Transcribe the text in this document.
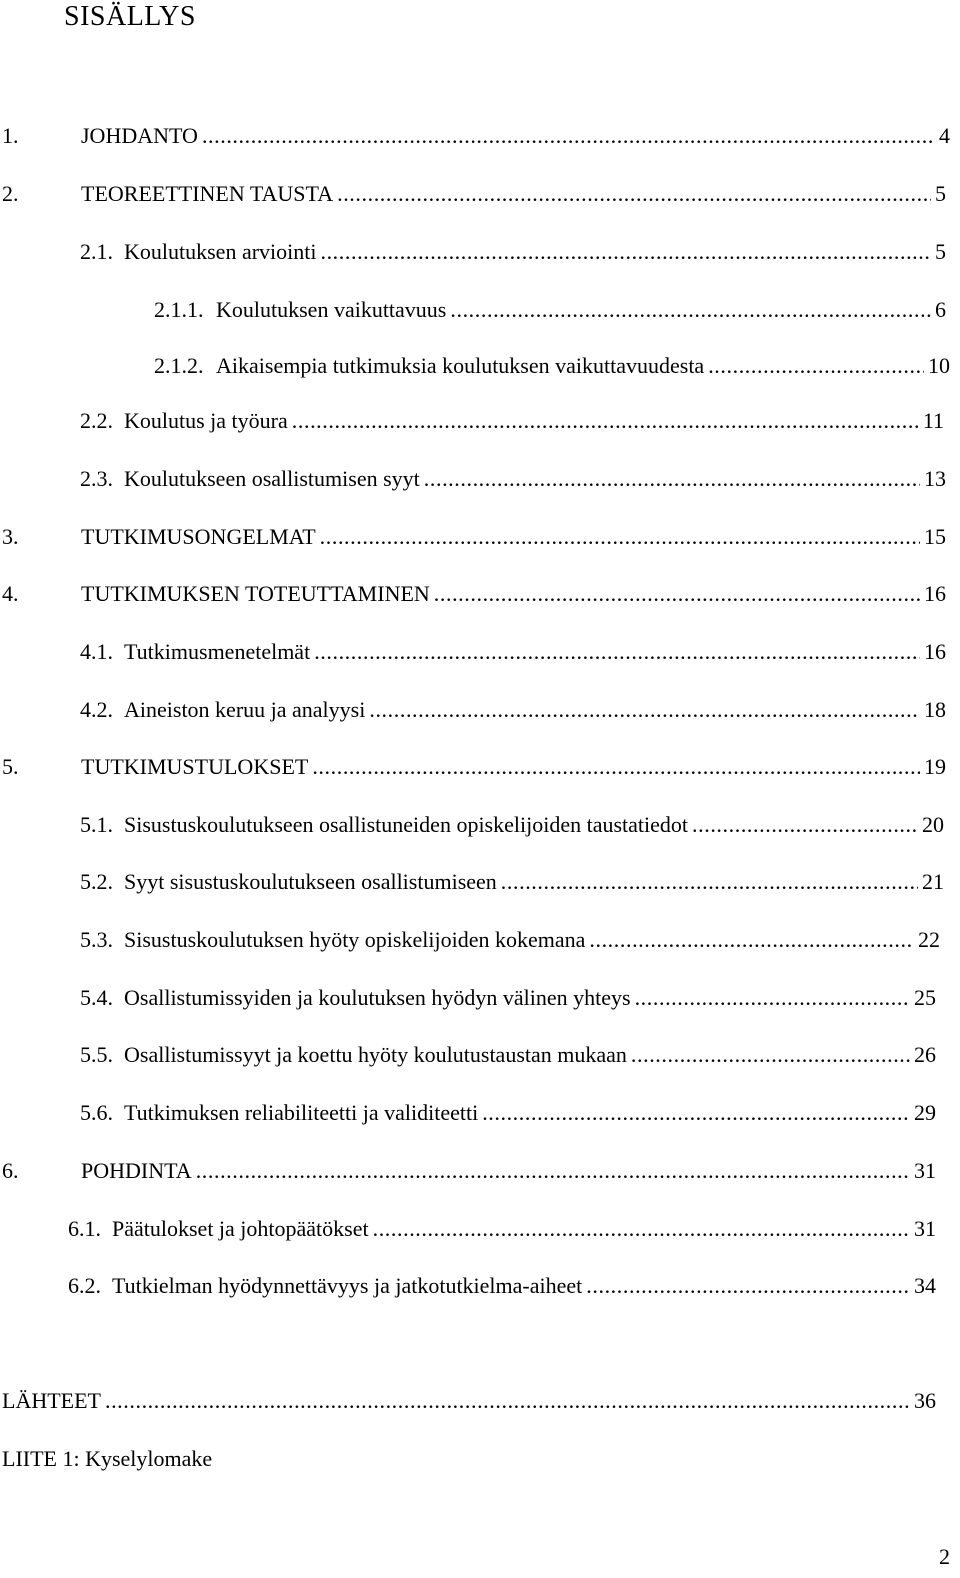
SISÄLLYS
1.	JOHDANTO .....	4
2.	TEOREETTINEN TAUSTA .....	5
2.1. Koulutuksen arviointi .....	5
2.1.1. Koulutuksen vaikuttavuus .....	6
2.1.2. Aikaisempia tutkimuksia koulutuksen vaikuttavuudesta .....	10
2.2. Koulutus ja työura .....	11
2.3. Koulutukseen osallistumisen syyt .....	13
3.	TUTKIMUSONGELMAT .....	15
4.	TUTKIMUKSEN TOTEUTTAMINEN .....	16
4.1. Tutkimusmenetelmät .....	16
4.2. Aineiston keruu ja analyysi .....	18
5.	TUTKIMUSTULOKSET .....	19
5.1. Sisustuskoulutukseen osallistuneiden opiskelijoiden taustatiedot .....	20
5.2. Syyt sisustuskoulutukseen osallistumiseen .....	21
5.3. Sisustuskoulutuksen hyöty opiskelijoiden kokemana .....	22
5.4. Osallistumissyiden ja koulutuksen hyödyn välinen yhteys .....	25
5.5. Osallistumissyyt ja koettu hyöty koulutustaustan mukaan .....	26
5.6. Tutkimuksen reliabiliteetti ja validiteetti .....	29
6.	POHDINTA .....	31
6.1. Päätulokset ja johtopäätökset .....	31
6.2. Tutkielman hyödynnettävyys ja jatkotutkielma-aiheet .....	34
LÄHTEET .....	36
LIITE 1: Kyselylomake
2
